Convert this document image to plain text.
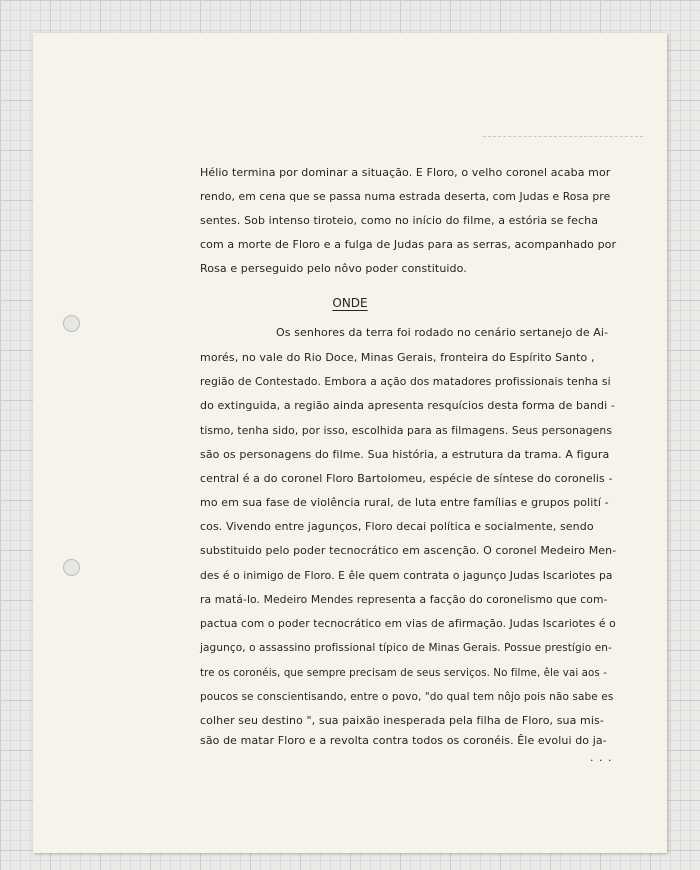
Hélio termina por dominar a situação. E Floro, o velho coronel acaba mor
rendo, em cena que se passa numa estrada deserta, com Judas e Rosa pre
sentes. Sob intenso tiroteio, como no início do filme, a estória se fecha
com a morte de Floro e a fulga de Judas para as serras, acompanhado por
Rosa e perseguido pelo nôvo poder constituido.
ONDE
Os senhores da terra foi rodado no cenário sertanejo de Ai-
morés, no vale do Rio Doce, Minas Gerais, fronteira do Espírito Santo ,
região de Contestado. Embora a ação dos matadores profissionais tenha si
do extinguida, a região ainda apresenta resquícios desta forma de bandi -
tismo, tenha sido, por isso, escolhida para as filmagens. Seus personagens
são os personagens do filme. Sua história, a estrutura da trama. A figura
central é a do coronel Floro Bartolomeu, espécie de síntese do coronelis -
mo em sua fase de violência rural, de luta entre famílias e grupos polití -
cos. Vivendo entre jagunços, Floro decai política e socialmente, sendo
substituido pelo poder tecnocrático em ascenção. O coronel Medeiro Men-
des é o inimigo de Floro. E êle quem contrata o jagunço Judas Iscariotes pa
ra matá-lo. Medeiro Mendes representa a facção do coronelismo que com-
pactua com o poder tecnocrático em vias de afirmação. Judas Iscariotes é o
jagunço, o assassino profissional típico de Minas Gerais. Possue prestígio en-
tre os coronéis, que sempre precisam de seus serviços. No filme, êle vai aos -
poucos se conscientisando, entre o povo, "do qual tem nôjo pois não sabe es
colher seu destino ", sua paixão inesperada pela filha de Floro, sua mis-
são de matar Floro e a revolta contra todos os coronéis. Êle evolui do ja-
. . .
